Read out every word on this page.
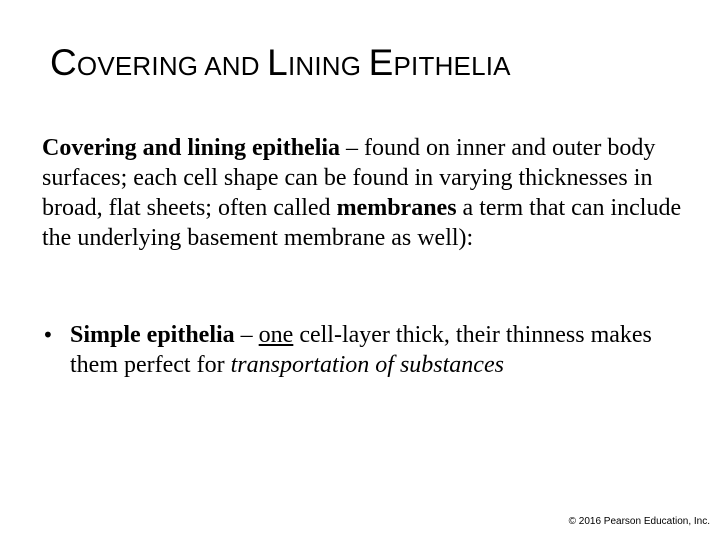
COVERING AND LINING EPITHELIA

Covering and lining epithelia – found on inner and outer body surfaces; each cell shape can be found in varying thicknesses in broad, flat sheets; often called membranes a term that can include the underlying basement membrane as well):

• Simple epithelia – one cell-layer thick, their thinness makes them perfect for transportation of substances

© 2016 Pearson Education, Inc.
